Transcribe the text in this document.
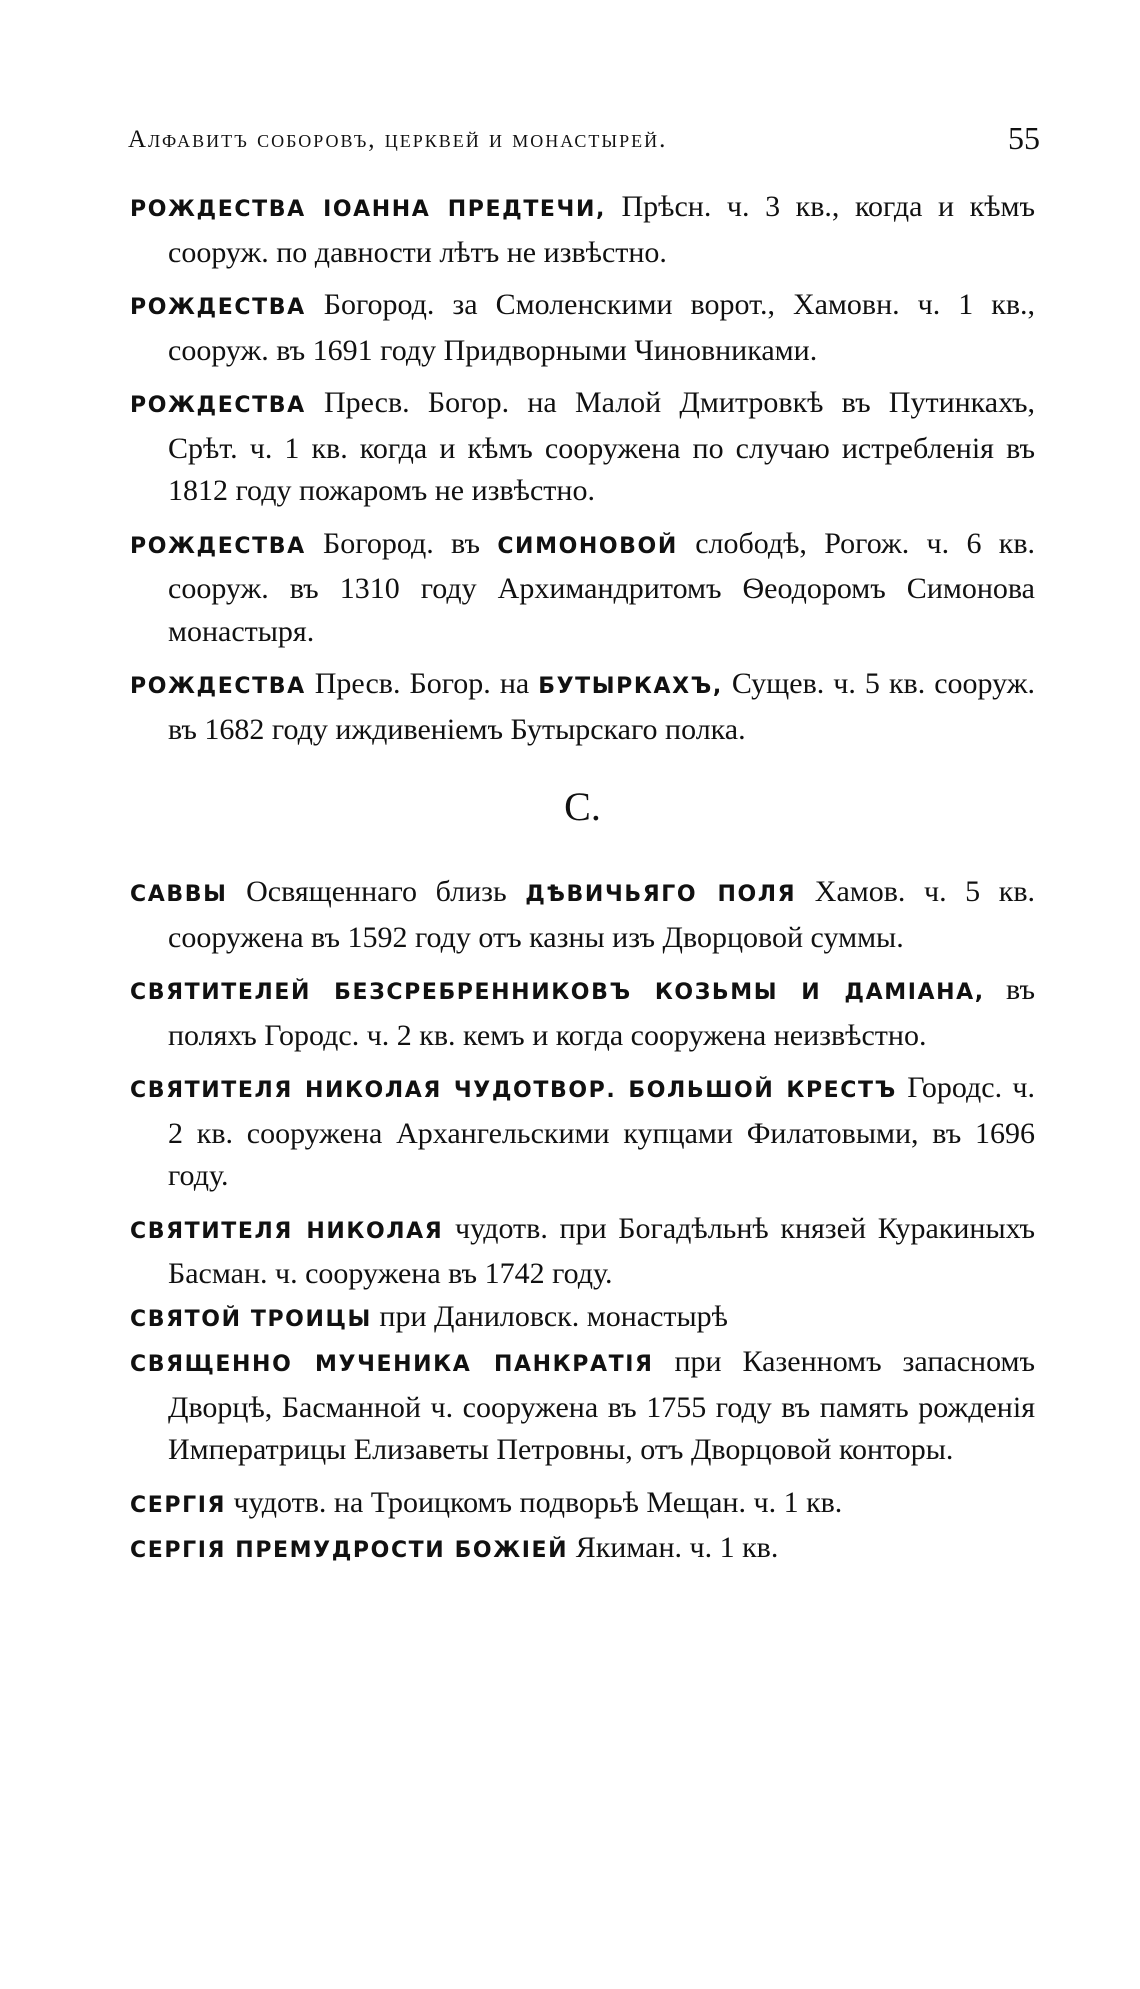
Алфавитъ соборовъ, церквей и монастырей.	55

РОЖДЕСТВА ІОАННА ПРЕДТЕЧИ, Прѣсн. ч. 3 кв., когда и кѣмъ сооруж. по давности лѣтъ не извѣстно.

РОЖДЕСТВА Богород. за Смоленскими ворот., Хамовн. ч. 1 кв., сооруж. въ 1691 году Придворными Чиновниками.

РОЖДЕСТВА Пресв. Богор. на Малой Дмитровкѣ въ Путинкахъ, Срѣт. ч. 1 кв. когда и кѣмъ сооружена по случаю истребленія въ 1812 году пожаромъ не извѣстно.

РОЖДЕСТВА Богород. въ СИМОНОВОЙ слободѣ, Рогож. ч. 6 кв. сооруж. въ 1310 году Архимандритомъ Ѳеодоромъ Симонова монастыря.

РОЖДЕСТВА Пресв. Богор. на БУТЫРКАХЪ, Сущев. ч. 5 кв. сооруж. въ 1682 году иждивеніемъ Бутырскаго полка.

С.

САВВЫ Освященнаго близь ДѢВИЧЬЯГО ПОЛЯ Хамов. ч. 5 кв. сооружена въ 1592 году отъ казны изъ Дворцовой суммы.

СВЯТИТЕЛЕЙ БЕЗСРЕБРЕННИКОВЪ КОЗЬМЫ И ДАМІАНА, въ поляхъ Городс. ч. 2 кв. кемъ и когда сооружена неизвѣстно.

СВЯТИТЕЛЯ НИКОЛАЯ ЧУДОТВОР. БОЛЬШОЙ КРЕСТЪ Городс. ч. 2 кв. сооружена Архангельскими купцами Филатовыми, въ 1696 году.

СВЯТИТЕЛЯ НИКОЛАЯ чудотв. при Богадѣльнѣ князей Куракиныхъ Басман. ч. сооружена въ 1742 году.

СВЯТОЙ ТРОИЦЫ при Даниловск. монастырѣ

СВЯЩЕННО МУЧЕНИКА ПАНКРАТІЯ при Казенномъ запасномъ Дворцѣ, Басманной ч. сооружена въ 1755 году въ память рожденія Императрицы Елизаветы Петровны, отъ Дворцовой конторы.

СЕРГІЯ чудотв. на Троицкомъ подворьѣ Мещан. ч. 1 кв.

СЕРГІЯ ПРЕМУДРОСТИ БОЖІЕЙ Якиман. ч. 1 кв.
